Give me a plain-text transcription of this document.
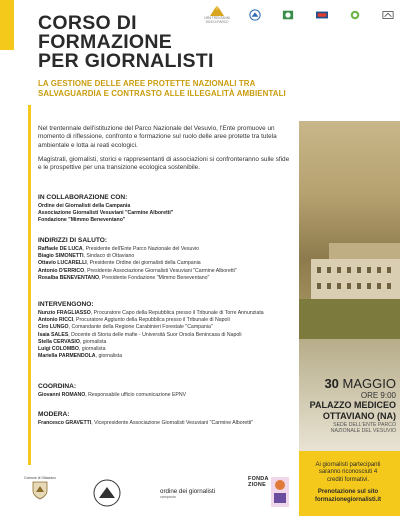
CORSO DI
FORMAZIONE
PER GIORNALISTI
1995 TRENTANNI
1925 DI PARCO
LA GESTIONE DELLE AREE PROTETTE NAZIONALI TRA
SALVAGUARDIA E CONTRASTO ALLE ILLEGALITÀ AMBIENTALI

Nel trentennale dell'istituzione del Parco Nazionale del Vesuvio, l'Ente promuove un momento di riflessione, confronto e formazione sul ruolo delle aree protette tra tutela ambientale e lotta ai reati ecologici.

Magistrati, giornalisti, storici e rappresentanti di associazioni si confronteranno sulle sfide e le prospettive per una transizione ecologica sostenibile.

IN COLLABORAZIONE CON:
Ordine dei Giornalisti della Campania
Associazione Giornalisti Vesuviani "Carmine Alboretti"
Fondazione "Mimmo Beneventano"
INDIRIZZI DI SALUTO:
Raffaele DE LUCA, Presidente dell'Ente Parco Nazionale del Vesuvio
Biagio SIMONETTI, Sindaco di Ottaviano
Ottavio LUCARELLI, Presidente Ordine dei giornalisti della Campania
Antonio D'ERRICO, Presidente Associazione Giornalisti Vesuviani "Carmine Alboretti"
Rosalba BENEVENTANO, Presidente Fondazione "Mimmo Beneventano"
INTERVENGONO:
Nunzio FRAGLIASSO, Procuratore Capo della Repubblica presso il Tribunale di Torre Annunziata
Antonio RICCI, Procuratore Aggiunto della Repubblica presso il Tribunale di Napoli
Ciro LUNGO, Comandante della Regione Carabinieri Forestale "Campania"
Isaia SALES, Docente di Storia delle mafie - Università Suor Orsola Benincasa di Napoli
Stella CERVASIO, giornalista
Luigi COLOMBO, giornalista
Mariella PARMENDOLA, giornalista
COORDINA:
Giovanni ROMANO, Responsabile ufficio comunicazione EPNV
MODERA:
Francesco GRAVETTI, Vicepresidente Associazione Giornalisti Vesuviani "Carmine Alboretti"
30 MAGGIO
ORE 9:00
PALAZZO MEDICEO
OTTAVIANO (NA)
SEDE DELL'ENTE PARCO
NAZIONALE DEL VESUVIO
Ai giornalisti partecipanti
saranno riconosciuti 4
crediti formativi.
Prenotazione sul sito
formazionegiornalisti.it
Comune di Ottaviano
ordine dei giornalisti
campania
FONDA
ZIONE
